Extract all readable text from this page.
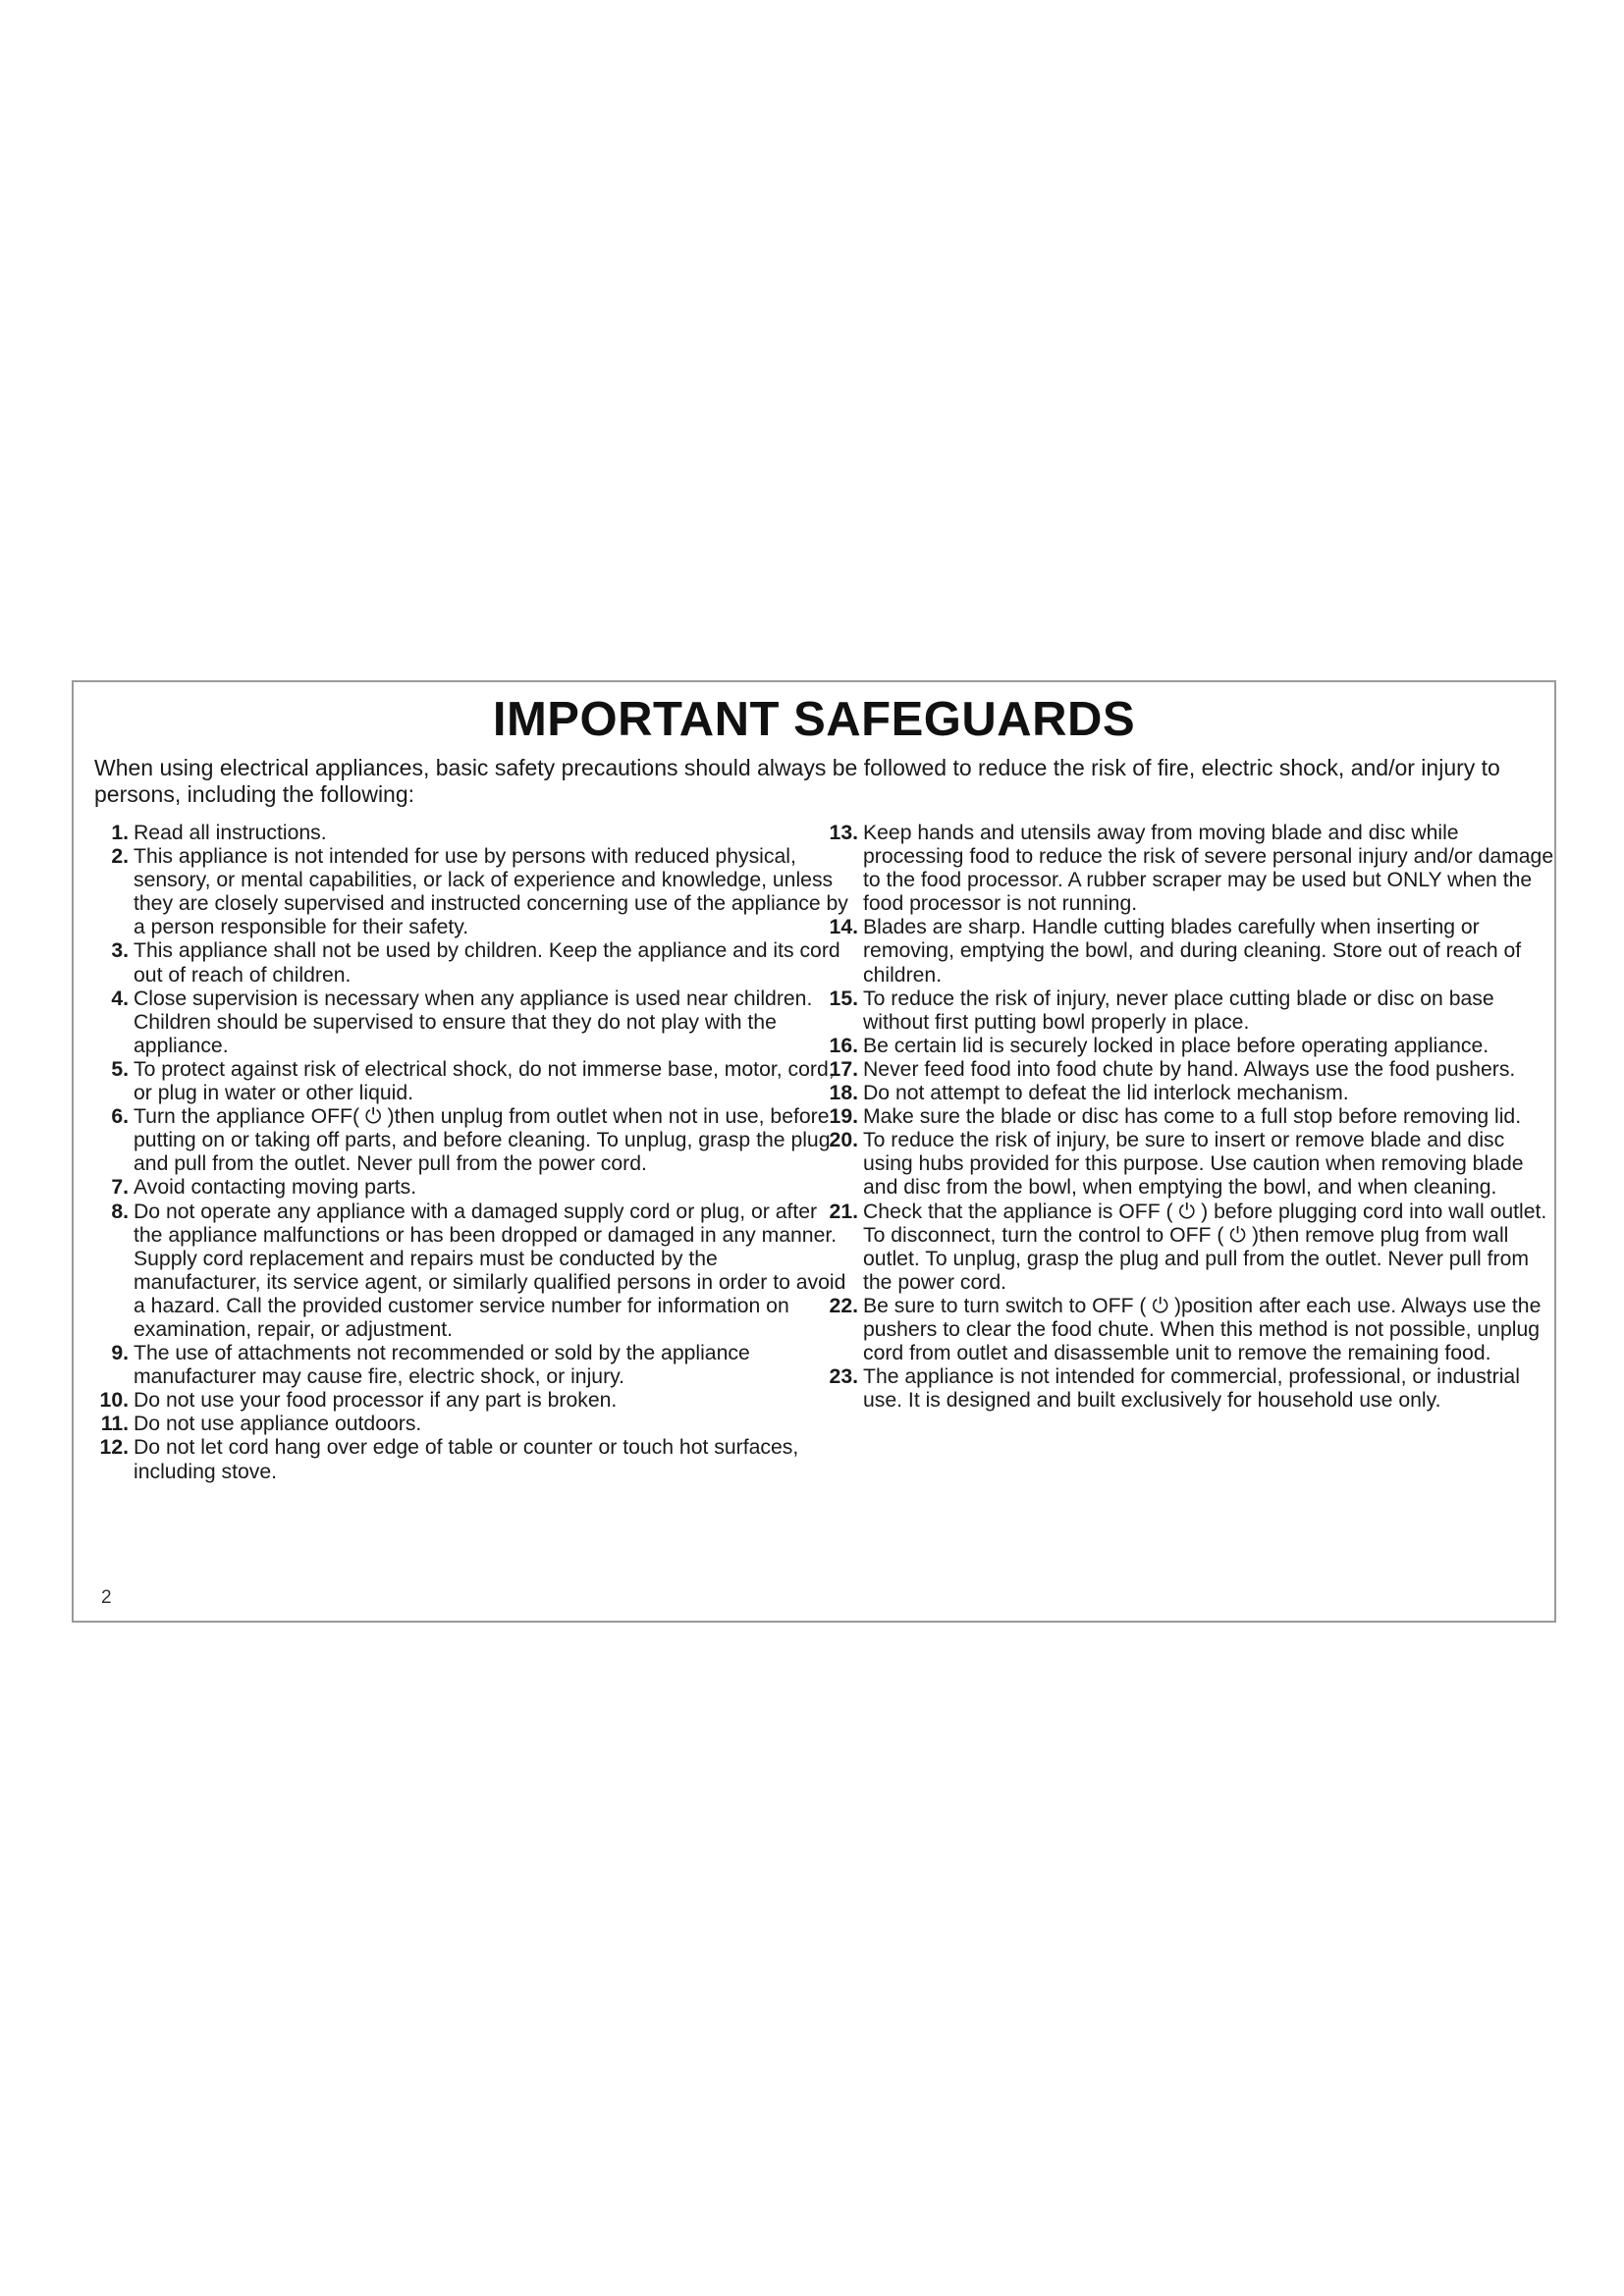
IMPORTANT SAFEGUARDS
When using electrical appliances, basic safety precautions should always be followed to reduce the risk of fire, electric shock, and/or injury to persons, including the following:
1. Read all instructions.
2. This appliance is not intended for use by persons with reduced physical, sensory, or mental capabilities, or lack of experience and knowledge, unless they are closely supervised and instructed concerning use of the appliance by a person responsible for their safety.
3. This appliance shall not be used by children. Keep the appliance and its cord out of reach of children.
4. Close supervision is necessary when any appliance is used near children. Children should be supervised to ensure that they do not play with the appliance.
5. To protect against risk of electrical shock, do not immerse base, motor, cord, or plug in water or other liquid.
6. Turn the appliance OFF( ⏻ )then unplug from outlet when not in use, before putting on or taking off parts, and before cleaning. To unplug, grasp the plug and pull from the outlet. Never pull from the power cord.
7. Avoid contacting moving parts.
8. Do not operate any appliance with a damaged supply cord or plug, or after the appliance malfunctions or has been dropped or damaged in any manner. Supply cord replacement and repairs must be conducted by the manufacturer, its service agent, or similarly qualified persons in order to avoid a hazard. Call the provided customer service number for information on examination, repair, or adjustment.
9. The use of attachments not recommended or sold by the appliance manufacturer may cause fire, electric shock, or injury.
10. Do not use your food processor if any part is broken.
11. Do not use appliance outdoors.
12. Do not let cord hang over edge of table or counter or touch hot surfaces, including stove.
13. Keep hands and utensils away from moving blade and disc while processing food to reduce the risk of severe personal injury and/or damage to the food processor. A rubber scraper may be used but ONLY when the food processor is not running.
14. Blades are sharp. Handle cutting blades carefully when inserting or removing, emptying the bowl, and during cleaning. Store out of reach of children.
15. To reduce the risk of injury, never place cutting blade or disc on base without first putting bowl properly in place.
16. Be certain lid is securely locked in place before operating appliance.
17. Never feed food into food chute by hand. Always use the food pushers.
18. Do not attempt to defeat the lid interlock mechanism.
19. Make sure the blade or disc has come to a full stop before removing lid.
20. To reduce the risk of injury, be sure to insert or remove blade and disc using hubs provided for this purpose. Use caution when removing blade and disc from the bowl, when emptying the bowl, and when cleaning.
21. Check that the appliance is OFF ( ⏻ ) before plugging cord into wall outlet. To disconnect, turn the control to OFF ( ⏻ )then remove plug from wall outlet. To unplug, grasp the plug and pull from the outlet. Never pull from the power cord.
22. Be sure to turn switch to OFF ( ⏻ )position after each use. Always use the pushers to clear the food chute. When this method is not possible, unplug cord from outlet and disassemble unit to remove the remaining food.
23. The appliance is not intended for commercial, professional, or industrial use. It is designed and built exclusively for household use only.
2
